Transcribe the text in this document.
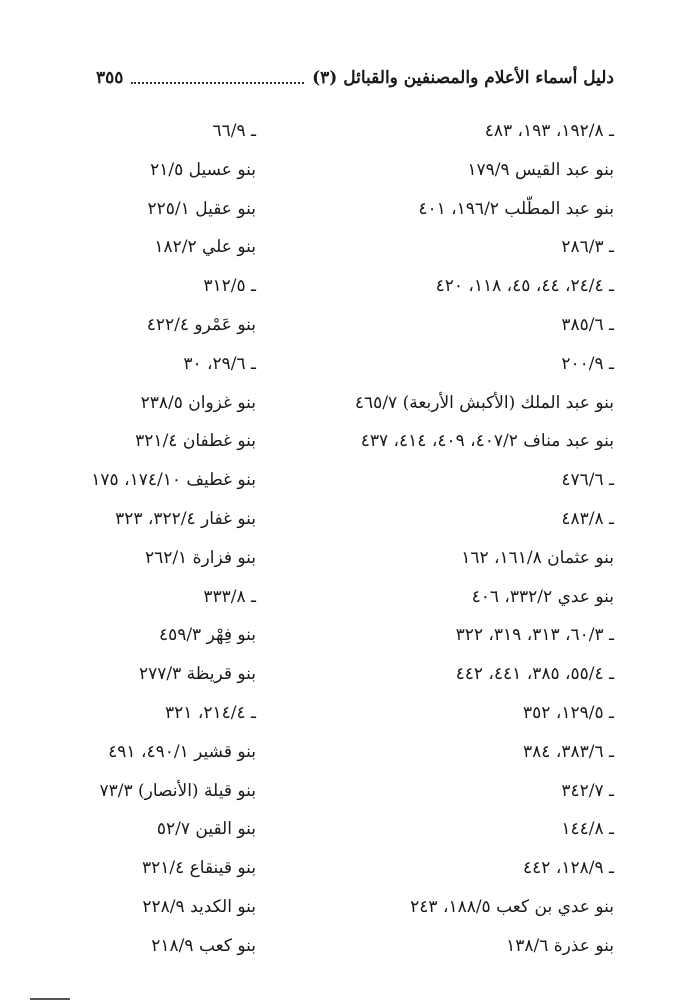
دليل أسماء الأعلام والمصنفين والقبائل (٣)
٣٥٥
ـ ١٩٢/٨، ١٩٣، ٤٨٣
بنو عبد القيس ١٧٩/٩
بنو عبد المطّلب ١٩٦/٢، ٤٠١
ـ ٢٨٦/٣
ـ ٢٤/٤، ٤٤، ٤٥، ١١٨، ٤٢٠
ـ ٣٨٥/٦
ـ ٢٠٠/٩
بنو عبد الملك (الأكبش الأربعة) ٤٦٥/٧
بنو عبد مناف ٤٠٧/٢، ٤٠٩، ٤١٤، ٤٣٧
ـ ٤٧٦/٦
ـ ٤٨٣/٨
بنو عثمان ١٦١/٨، ١٦٢
بنو عدي ٣٣٢/٢، ٤٠٦
ـ ٦٠/٣، ٣١٣، ٣١٩، ٣٢٢
ـ ٥٥/٤، ٣٨٥، ٤٤١، ٤٤٢
ـ ١٢٩/٥، ٣٥٢
ـ ٣٨٣/٦، ٣٨٤
ـ ٣٤٢/٧
ـ ١٤٤/٨
ـ ١٢٨/٩، ٤٤٢
بنو عدي بن كعب ١٨٨/٥، ٢٤٣
بنو عذرة ١٣٨/٦
ـ ٦٦/٩
بنو عسيل ٢١/٥
بنو عقيل ٢٢٥/١
بنو علي ١٨٢/٢
ـ ٣١٢/٥
بنو عَمْرو ٤٢٢/٤
ـ ٢٩/٦، ٣٠
بنو غزوان ٢٣٨/٥
بنو غطفان ٣٢١/٤
بنو غطيف ١٧٤/١٠، ١٧٥
بنو غفار ٣٢٢/٤، ٣٢٣
بنو فزارة ٢٦٢/١
ـ ٣٣٣/٨
بنو فِهْر ٤٥٩/٣
بنو قريظة ٢٧٧/٣
ـ ٢١٤/٤، ٣٢١
بنو قشير ٤٩٠/١، ٤٩١
بنو قيلة (الأنصار) ٧٣/٣
بنو القين ٥٢/٧
بنو قينقاع ٣٢١/٤
بنو الكديد ٢٢٨/٩
بنو كعب ٢١٨/٩
